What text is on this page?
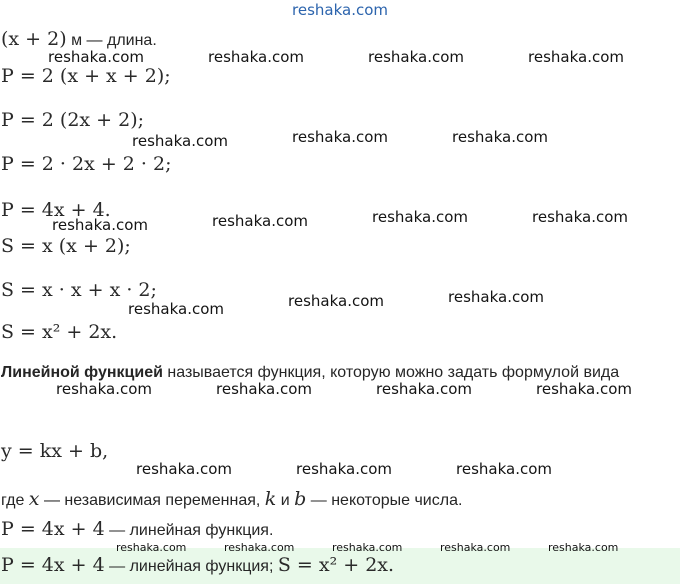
reshaka.com
reshaka.com	reshaka.com	reshaka.com	reshaka.com
reshaka.com	reshaka.com	reshaka.com
reshaka.com	reshaka.com	reshaka.com	reshaka.com
reshaka.com	reshaka.com	reshaka.com
reshaka.com	reshaka.com	reshaka.com	reshaka.com
reshaka.com	reshaka.com	reshaka.com
(x + 2) м — длина.
P = 2 (x + x + 2);
P = 2 (2x + 2);
P = 2 · 2x + 2 · 2;
P = 4x + 4.
S = x (x + 2);
S = x · x + x · 2;
S = x² + 2x.
Линейной функцией называется функция, которую можно задать формулой вида
y = kx + b,
где x — независимая переменная, k и b — некоторые числа.
P = 4x + 4 — линейная функция.
P = 4x + 4 — линейная функция; S = x² + 2x.
reshaka.com	reshaka.com	reshaka.com	reshaka.com	reshaka.com
